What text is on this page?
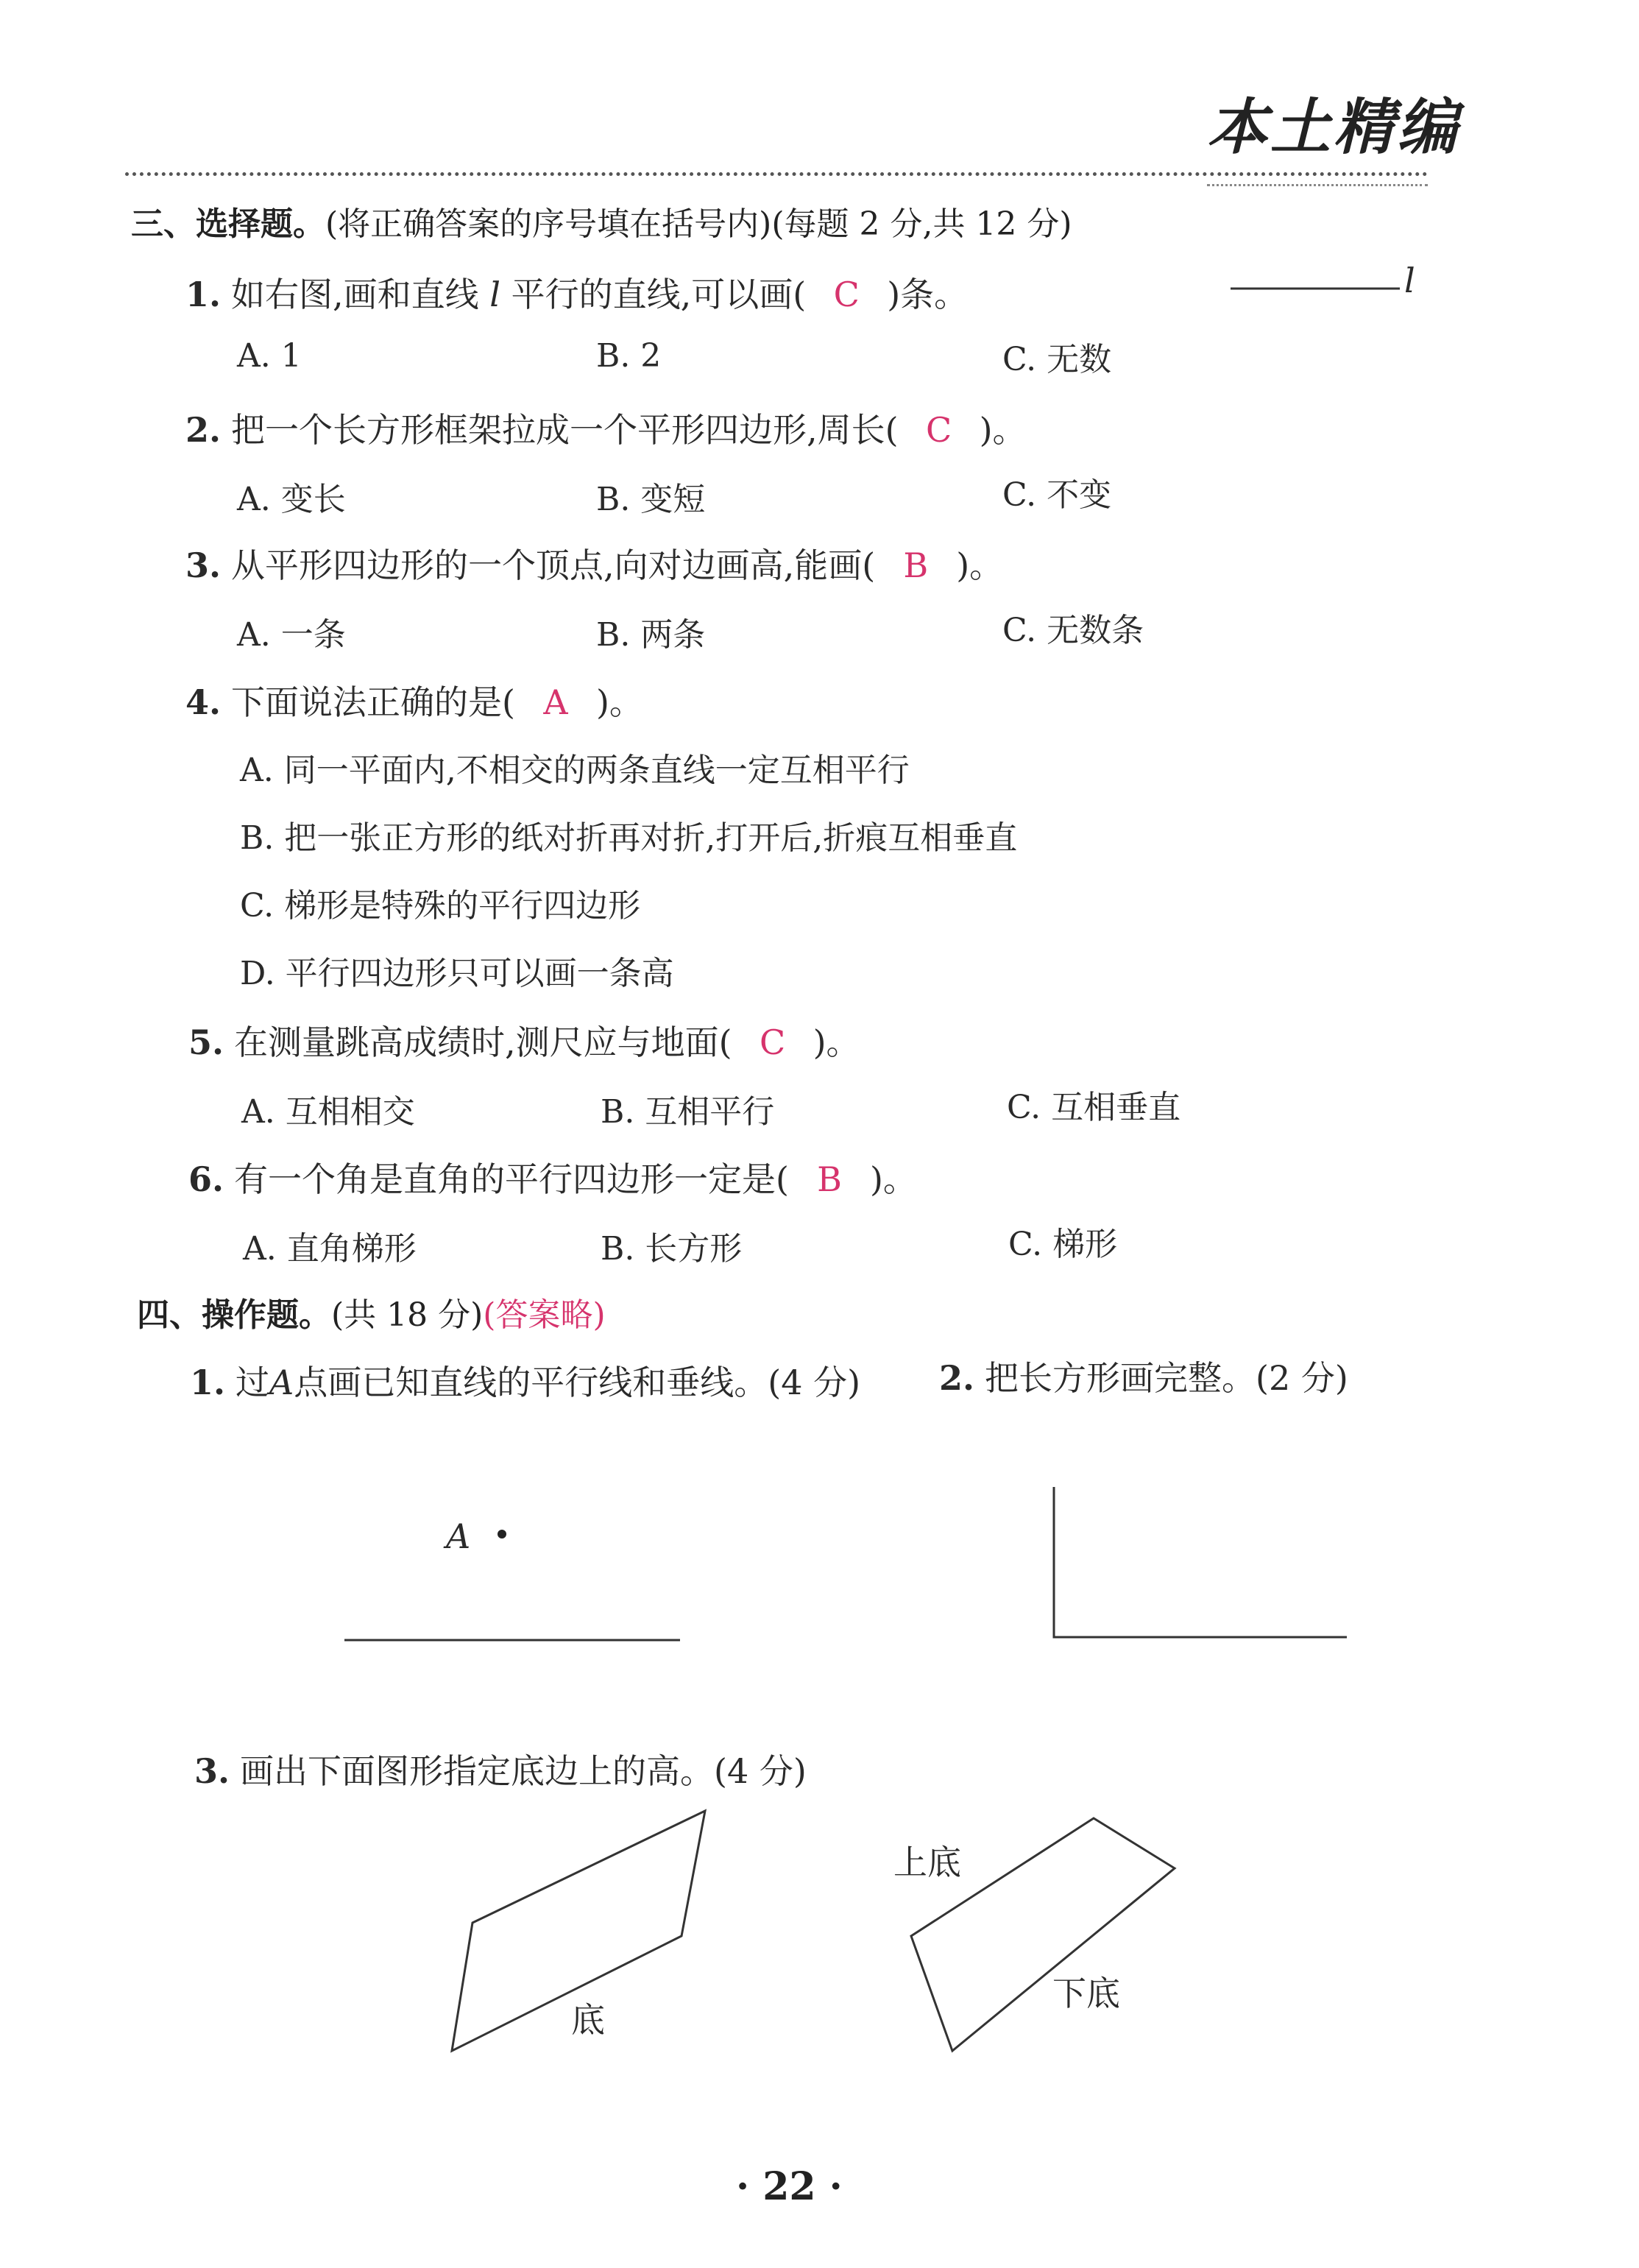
本土精编
三、选择题。(将正确答案的序号填在括号内)(每题 2 分,共 12 分)
1. 如右图,画和直线 l 平行的直线,可以画( C )条。
A. 1	B. 2	C. 无数
l
2. 把一个长方形框架拉成一个平形四边形,周长( C )。
A. 变长	B. 变短	C. 不变
3. 从平形四边形的一个顶点,向对边画高,能画( B )。
A. 一条	B. 两条	C. 无数条
4. 下面说法正确的是( A )。
A. 同一平面内,不相交的两条直线一定互相平行
B. 把一张正方形的纸对折再对折,打开后,折痕互相垂直
C. 梯形是特殊的平行四边形
D. 平行四边形只可以画一条高
5. 在测量跳高成绩时,测尺应与地面( C )。
A. 互相相交	B. 互相平行	C. 互相垂直
6. 有一个角是直角的平行四边形一定是( B )。
A. 直角梯形	B. 长方形	C. 梯形
四、操作题。(共 18 分)(答案略)
1. 过A点画已知直线的平行线和垂线。(4 分) 2. 把长方形画完整。(2 分)
A
3. 画出下面图形指定底边上的高。(4 分)
底
上底
下底
· 22 ·
